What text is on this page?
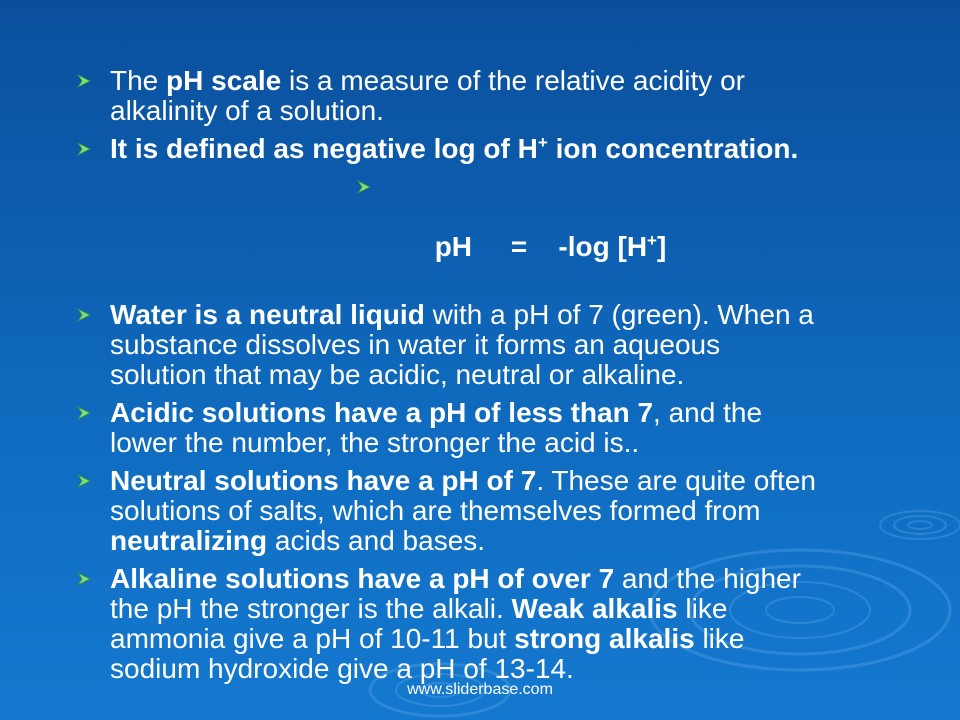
The pH scale is a measure of the relative acidity or
alkalinity of a solution.
It is defined as negative log of H+ ion concentration.

pH = -log [H+]

Water is a neutral liquid with a pH of 7 (green). When a
substance dissolves in water it forms an aqueous
solution that may be acidic, neutral or alkaline.
Acidic solutions have a pH of less than 7, and the
lower the number, the stronger the acid is..
Neutral solutions have a pH of 7. These are quite often
solutions of salts, which are themselves formed from
neutralizing acids and bases.
Alkaline solutions have a pH of over 7 and the higher
the pH the stronger is the alkali. Weak alkalis like
ammonia give a pH of 10-11 but strong alkalis like
sodium hydroxide give a pH of 13-14.
www.sliderbase.com
